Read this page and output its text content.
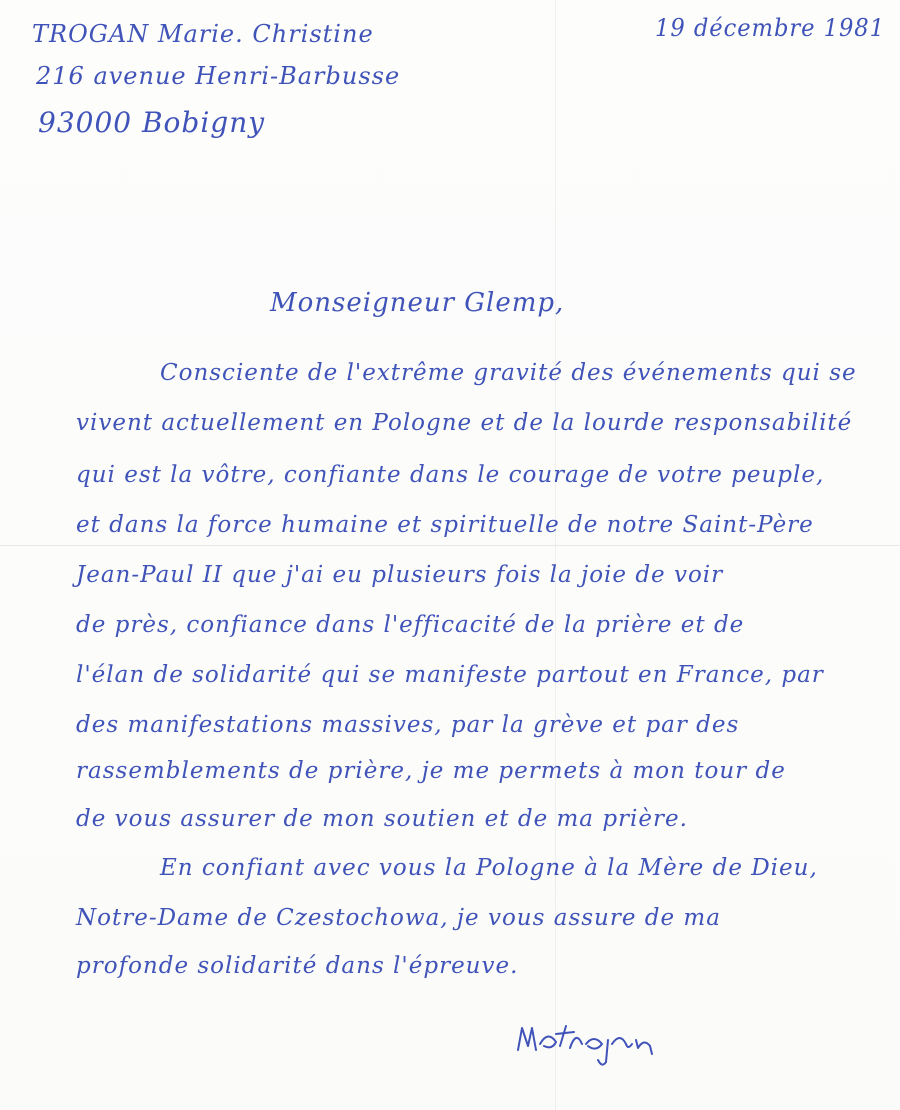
TROGAN Marie. Christine
216 avenue Henri-Barbusse
93000 Bobigny
19 décembre 1981
Monseigneur Glemp,
Consciente de l'extrême gravité des événements qui se
vivent actuellement en Pologne et de la lourde responsabilité
qui est la vôtre, confiante dans le courage de votre peuple,
et dans la force humaine et spirituelle de notre Saint-Père
Jean-Paul II que j'ai eu plusieurs fois la joie de voir
de près, confiance dans l'efficacité de la prière et de
l'élan de solidarité qui se manifeste partout en France, par
des manifestations massives, par la grève et par des
rassemblements de prière, je me permets à mon tour de
de vous assurer de mon soutien et de ma prière.
En confiant avec vous la Pologne à la Mère de Dieu,
Notre-Dame de Czestochowa, je vous assure de ma
profonde solidarité dans l'épreuve.
